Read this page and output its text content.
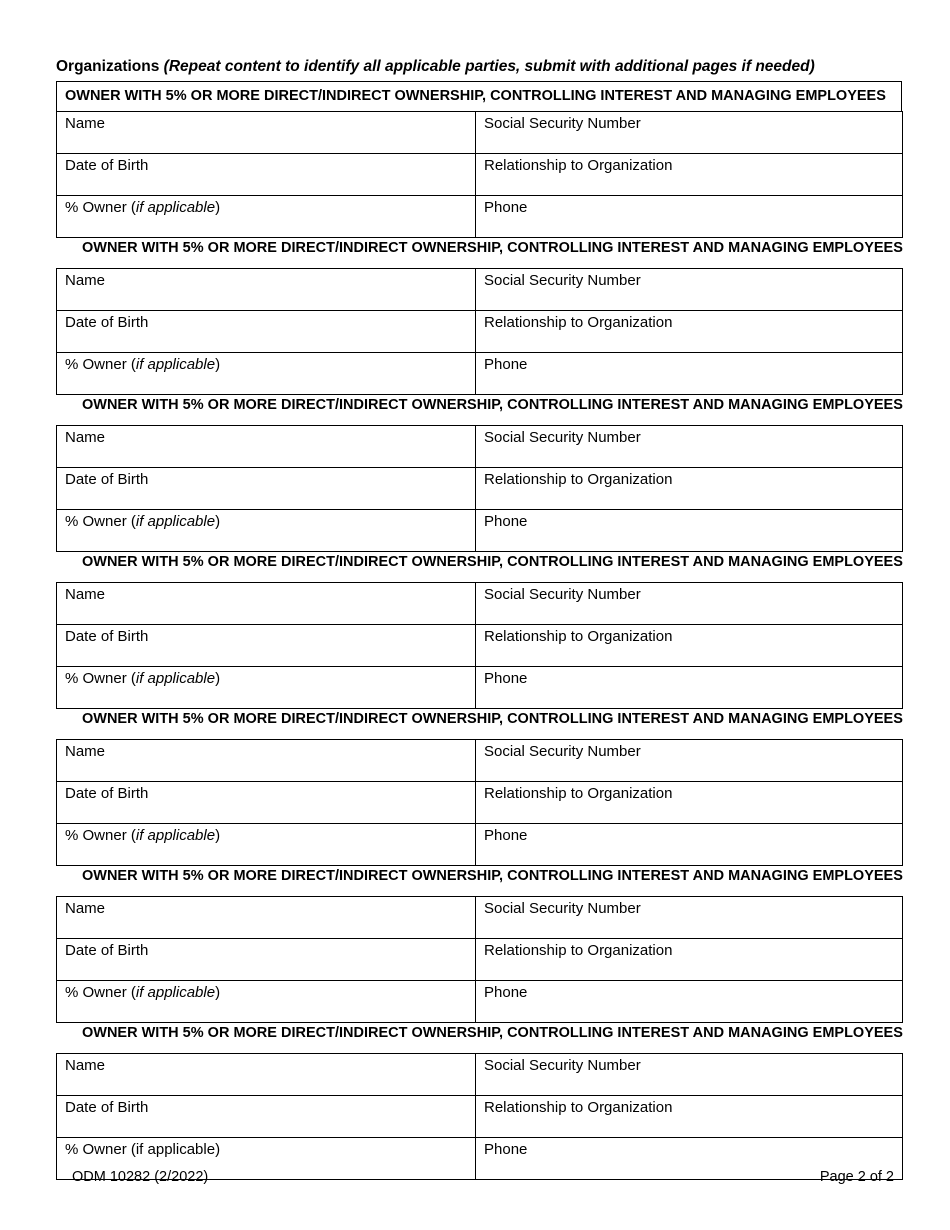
Organizations (Repeat content to identify all applicable parties, submit with additional pages if needed)
OWNER WITH 5% OR MORE DIRECT/INDIRECT OWNERSHIP, CONTROLLING INTEREST AND MANAGING EMPLOYEES
Name	Social Security Number
Date of Birth	Relationship to Organization
% Owner (if applicable)	Phone
OWNER WITH 5% OR MORE DIRECT/INDIRECT OWNERSHIP, CONTROLLING INTEREST AND MANAGING EMPLOYEES
Name	Social Security Number
Date of Birth	Relationship to Organization
% Owner (if applicable)	Phone
OWNER WITH 5% OR MORE DIRECT/INDIRECT OWNERSHIP, CONTROLLING INTEREST AND MANAGING EMPLOYEES
Name	Social Security Number
Date of Birth	Relationship to Organization
% Owner (if applicable)	Phone
OWNER WITH 5% OR MORE DIRECT/INDIRECT OWNERSHIP, CONTROLLING INTEREST AND MANAGING EMPLOYEES
Name	Social Security Number
Date of Birth	Relationship to Organization
% Owner (if applicable)	Phone
OWNER WITH 5% OR MORE DIRECT/INDIRECT OWNERSHIP, CONTROLLING INTEREST AND MANAGING EMPLOYEES
Name	Social Security Number
Date of Birth	Relationship to Organization
% Owner (if applicable)	Phone
OWNER WITH 5% OR MORE DIRECT/INDIRECT OWNERSHIP, CONTROLLING INTEREST AND MANAGING EMPLOYEES
Name	Social Security Number
Date of Birth	Relationship to Organization
% Owner (if applicable)	Phone
OWNER WITH 5% OR MORE DIRECT/INDIRECT OWNERSHIP, CONTROLLING INTEREST AND MANAGING EMPLOYEES
Name	Social Security Number
Date of Birth	Relationship to Organization
% Owner (if applicable)	Phone
ODM 10282 (2/2022)	Page 2 of 2
